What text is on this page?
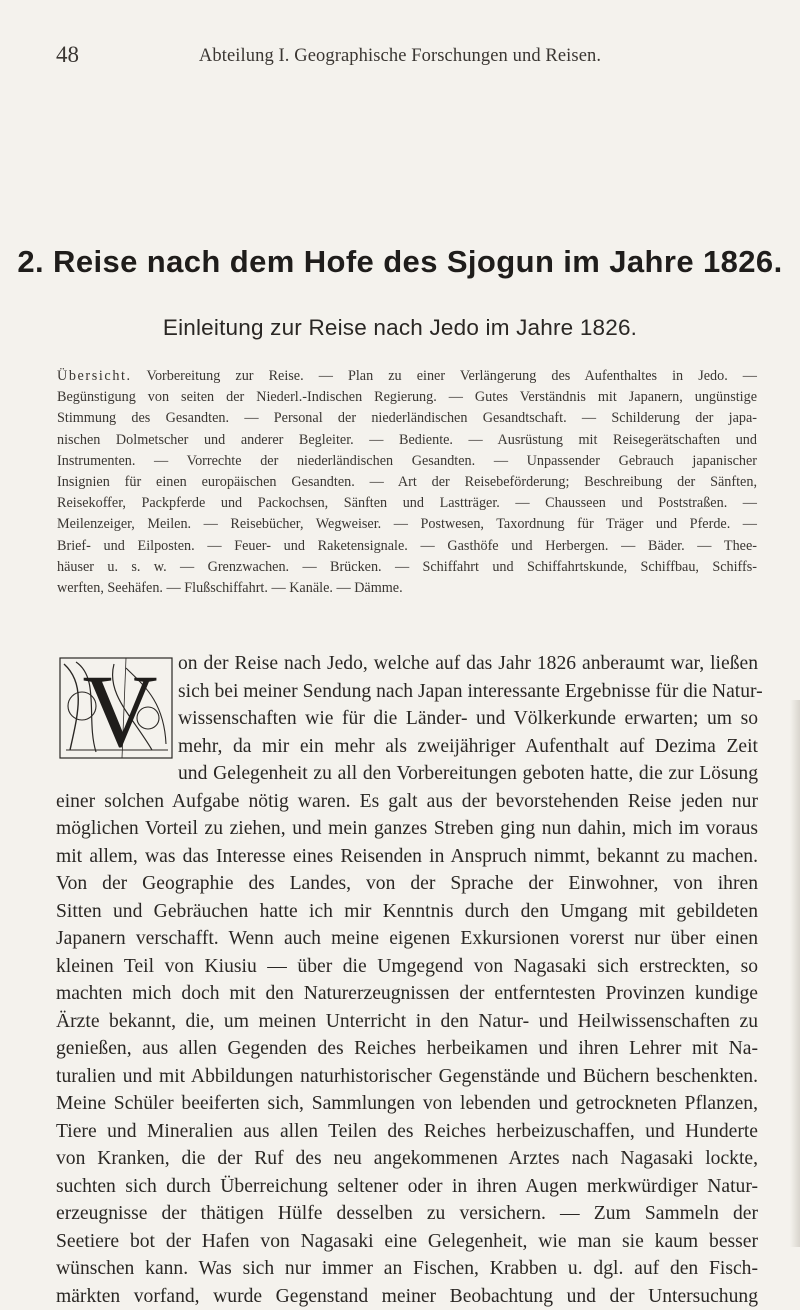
48	Abteilung I. Geographische Forschungen und Reisen.
2. Reise nach dem Hofe des Sjogun im Jahre 1826.
Einleitung zur Reise nach Jedo im Jahre 1826.
Übersicht. Vorbereitung zur Reise. — Plan zu einer Verlängerung des Aufenthaltes in Jedo. —
Begünstigung von seiten der Niederl.-Indischen Regierung. — Gutes Verständnis mit Japanern, ungünstige
Stimmung des Gesandten. — Personal der niederländischen Gesandtschaft. — Schilderung der japa-
nischen Dolmetscher und anderer Begleiter. — Bediente. — Ausrüstung mit Reisegerätschaften und
Instrumenten. — Vorrechte der niederländischen Gesandten. — Unpassender Gebrauch japanischer
Insignien für einen europäischen Gesandten. — Art der Reisebeförderung; Beschreibung der Sänften,
Reisekoffer, Packpferde und Packochsen, Sänften und Lastträger. — Chausseen und Poststraßen. —
Meilenzeiger, Meilen. — Reisebücher, Wegweiser. — Postwesen, Taxordnung für Träger und Pferde. —
Brief- und Eilposten. — Feuer- und Raketensignale. — Gasthöfe und Herbergen. — Bäder. — Thee-
häuser u. s. w. — Grenzwachen. — Brücken. — Schiffahrt und Schiffahrtskunde, Schiffbau, Schiffs-
werften, Seehäfen. — Flußschiffahrt. — Kanäle. — Dämme.
V	on der Reise nach Jedo, welche auf das Jahr 1826 anberaumt war, ließen
sich bei meiner Sendung nach Japan interessante Ergebnisse für die Natur-
wissenschaften wie für die Länder- und Völkerkunde erwarten; um so
mehr, da mir ein mehr als zweijähriger Aufenthalt auf Dezima Zeit
und Gelegenheit zu all den Vorbereitungen geboten hatte, die zur Lösung
einer solchen Aufgabe nötig waren. Es galt aus der bevorstehenden Reise jeden nur
möglichen Vorteil zu ziehen, und mein ganzes Streben ging nun dahin, mich im voraus
mit allem, was das Interesse eines Reisenden in Anspruch nimmt, bekannt zu machen.
Von der Geographie des Landes, von der Sprache der Einwohner, von ihren
Sitten und Gebräuchen hatte ich mir Kenntnis durch den Umgang mit gebildeten
Japanern verschafft. Wenn auch meine eigenen Exkursionen vorerst nur über einen
kleinen Teil von Kiusiu — über die Umgegend von Nagasaki sich erstreckten, so
machten mich doch mit den Naturerzeugnissen der entferntesten Provinzen kundige
Ärzte bekannt, die, um meinen Unterricht in den Natur- und Heilwissenschaften zu
genießen, aus allen Gegenden des Reiches herbeikamen und ihren Lehrer mit Na-
turalien und mit Abbildungen naturhistorischer Gegenstände und Büchern beschenkten.
Meine Schüler beeiferten sich, Sammlungen von lebenden und getrockneten Pflanzen,
Tiere und Mineralien aus allen Teilen des Reiches herbeizuschaffen, und Hunderte
von Kranken, die der Ruf des neu angekommenen Arztes nach Nagasaki lockte,
suchten sich durch Überreichung seltener oder in ihren Augen merkwürdiger Natur-
erzeugnisse der thätigen Hülfe desselben zu versichern. — Zum Sammeln der
Seetiere bot der Hafen von Nagasaki eine Gelegenheit, wie man sie kaum besser
wünschen kann. Was sich nur immer an Fischen, Krabben u. dgl. auf den Fisch-
märkten vorfand, wurde Gegenstand meiner Beobachtung und der Untersuchung
